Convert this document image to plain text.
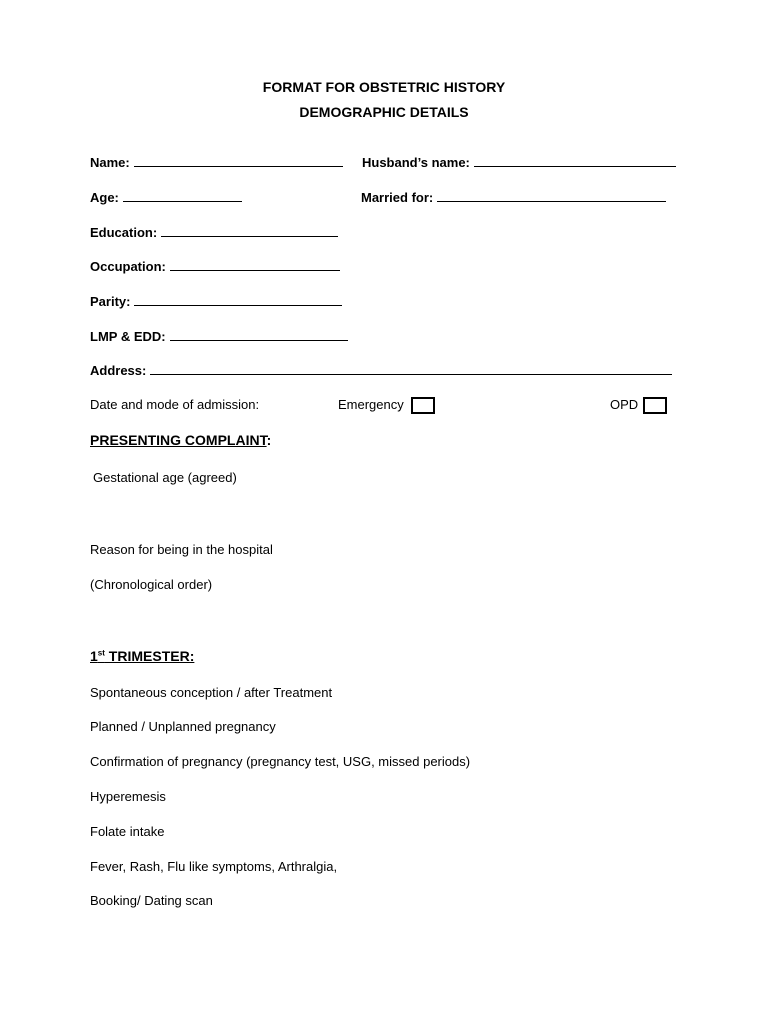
FORMAT FOR OBSTETRIC HISTORY
DEMOGRAPHIC DETAILS
Name:	Husband’s name:
Age:	Married for:
Education:
Occupation:
Parity:
LMP & EDD:
Address:
Date and mode of admission:	Emergency	OPD
PRESENTING COMPLAINT:
Gestational age (agreed)
Reason for being in the hospital
(Chronological order)
1st TRIMESTER:
Spontaneous conception / after Treatment
Planned / Unplanned pregnancy
Confirmation of pregnancy (pregnancy test, USG, missed periods)
Hyperemesis
Folate intake
Fever, Rash, Flu like symptoms, Arthralgia,
Booking/ Dating scan
